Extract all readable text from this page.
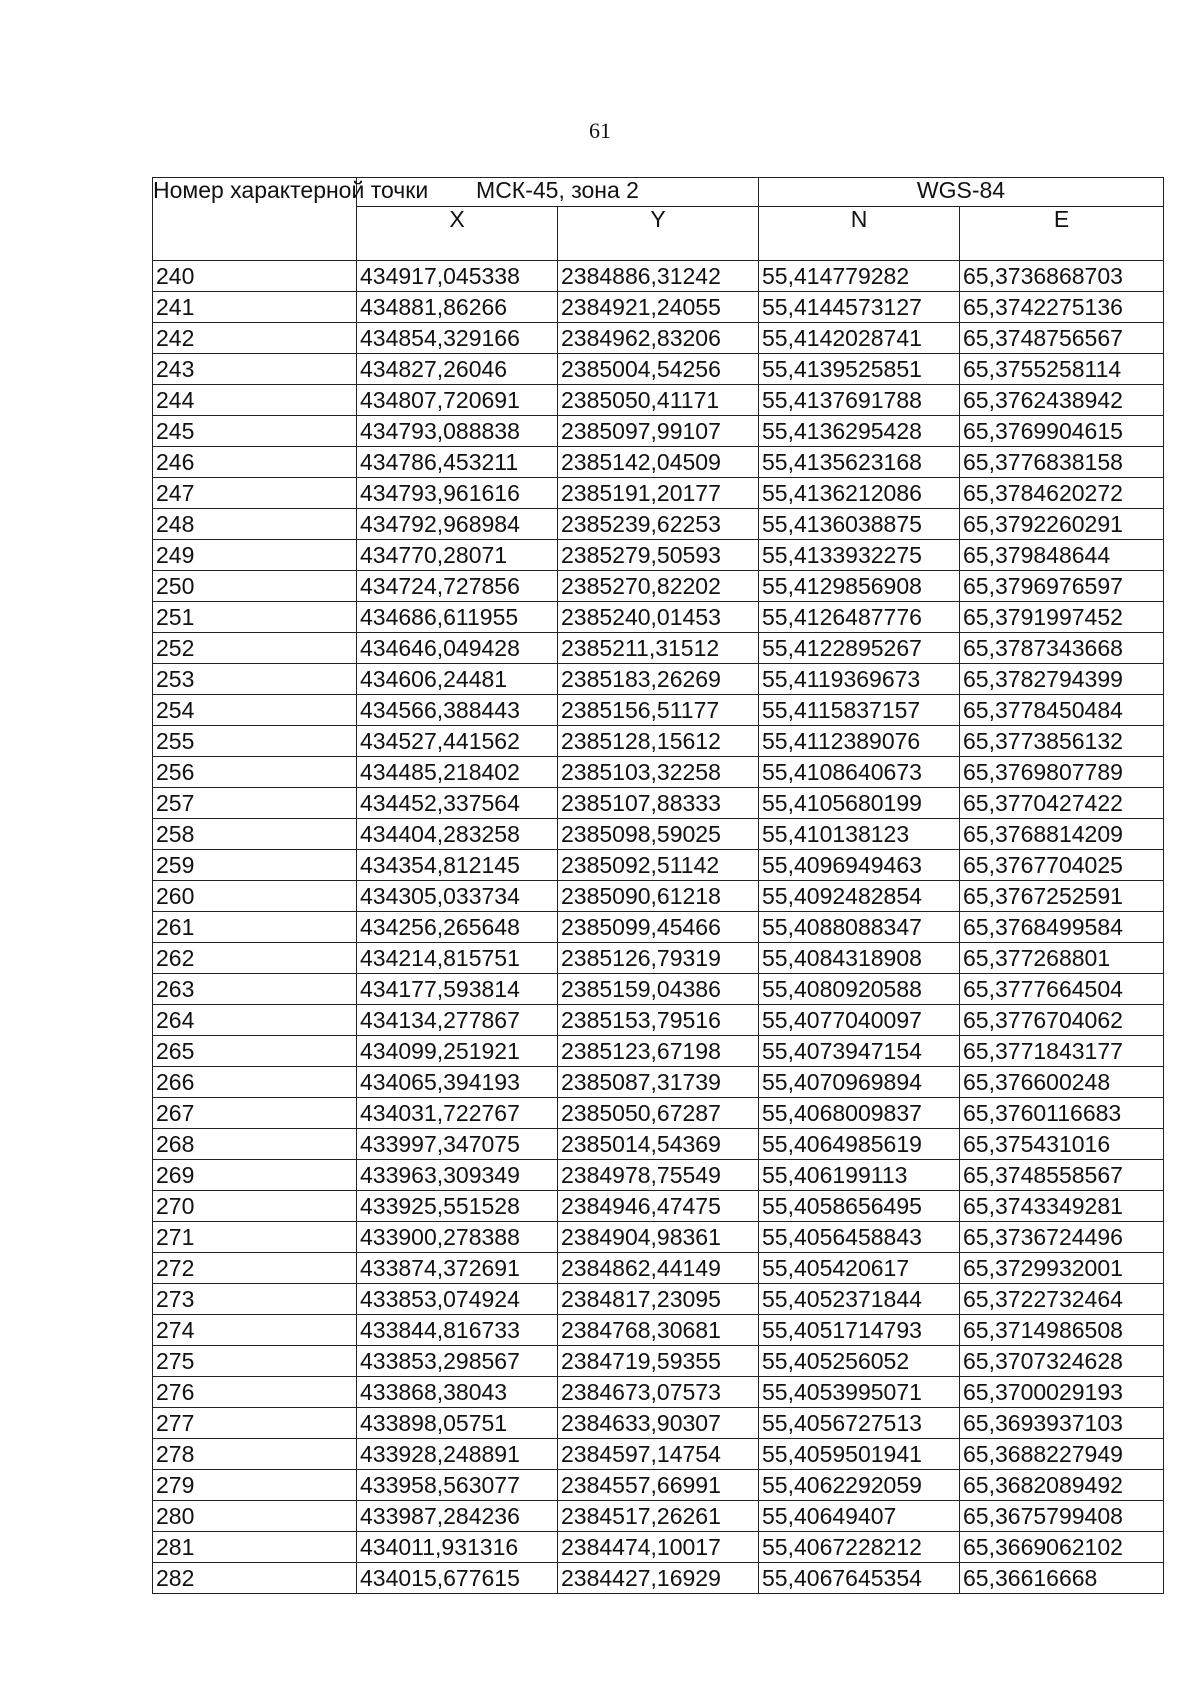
61
Номер характерной точки	МСК-45, зона 2		WGS-84	
	X	Y	N	E
240	434917,045338	2384886,31242	55,414779282	65,3736868703
241	434881,86266	2384921,24055	55,4144573127	65,3742275136
242	434854,329166	2384962,83206	55,4142028741	65,3748756567
243	434827,26046	2385004,54256	55,4139525851	65,3755258114
244	434807,720691	2385050,41171	55,4137691788	65,3762438942
245	434793,088838	2385097,99107	55,4136295428	65,3769904615
246	434786,453211	2385142,04509	55,4135623168	65,3776838158
247	434793,961616	2385191,20177	55,4136212086	65,3784620272
248	434792,968984	2385239,62253	55,4136038875	65,3792260291
249	434770,28071	2385279,50593	55,4133932275	65,379848644
250	434724,727856	2385270,82202	55,4129856908	65,3796976597
251	434686,611955	2385240,01453	55,4126487776	65,3791997452
252	434646,049428	2385211,31512	55,4122895267	65,3787343668
253	434606,24481	2385183,26269	55,4119369673	65,3782794399
254	434566,388443	2385156,51177	55,4115837157	65,3778450484
255	434527,441562	2385128,15612	55,4112389076	65,3773856132
256	434485,218402	2385103,32258	55,4108640673	65,3769807789
257	434452,337564	2385107,88333	55,4105680199	65,3770427422
258	434404,283258	2385098,59025	55,410138123	65,3768814209
259	434354,812145	2385092,51142	55,4096949463	65,3767704025
260	434305,033734	2385090,61218	55,4092482854	65,3767252591
261	434256,265648	2385099,45466	55,4088088347	65,3768499584
262	434214,815751	2385126,79319	55,4084318908	65,377268801
263	434177,593814	2385159,04386	55,4080920588	65,3777664504
264	434134,277867	2385153,79516	55,4077040097	65,3776704062
265	434099,251921	2385123,67198	55,4073947154	65,3771843177
266	434065,394193	2385087,31739	55,4070969894	65,376600248
267	434031,722767	2385050,67287	55,4068009837	65,3760116683
268	433997,347075	2385014,54369	55,4064985619	65,375431016
269	433963,309349	2384978,75549	55,406199113	65,3748558567
270	433925,551528	2384946,47475	55,4058656495	65,3743349281
271	433900,278388	2384904,98361	55,4056458843	65,3736724496
272	433874,372691	2384862,44149	55,405420617	65,3729932001
273	433853,074924	2384817,23095	55,4052371844	65,3722732464
274	433844,816733	2384768,30681	55,4051714793	65,3714986508
275	433853,298567	2384719,59355	55,405256052	65,3707324628
276	433868,38043	2384673,07573	55,4053995071	65,3700029193
277	433898,05751	2384633,90307	55,4056727513	65,3693937103
278	433928,248891	2384597,14754	55,4059501941	65,3688227949
279	433958,563077	2384557,66991	55,4062292059	65,3682089492
280	433987,284236	2384517,26261	55,40649407	65,3675799408
281	434011,931316	2384474,10017	55,4067228212	65,3669062102
282	434015,677615	2384427,16929	55,4067645354	65,36616668
